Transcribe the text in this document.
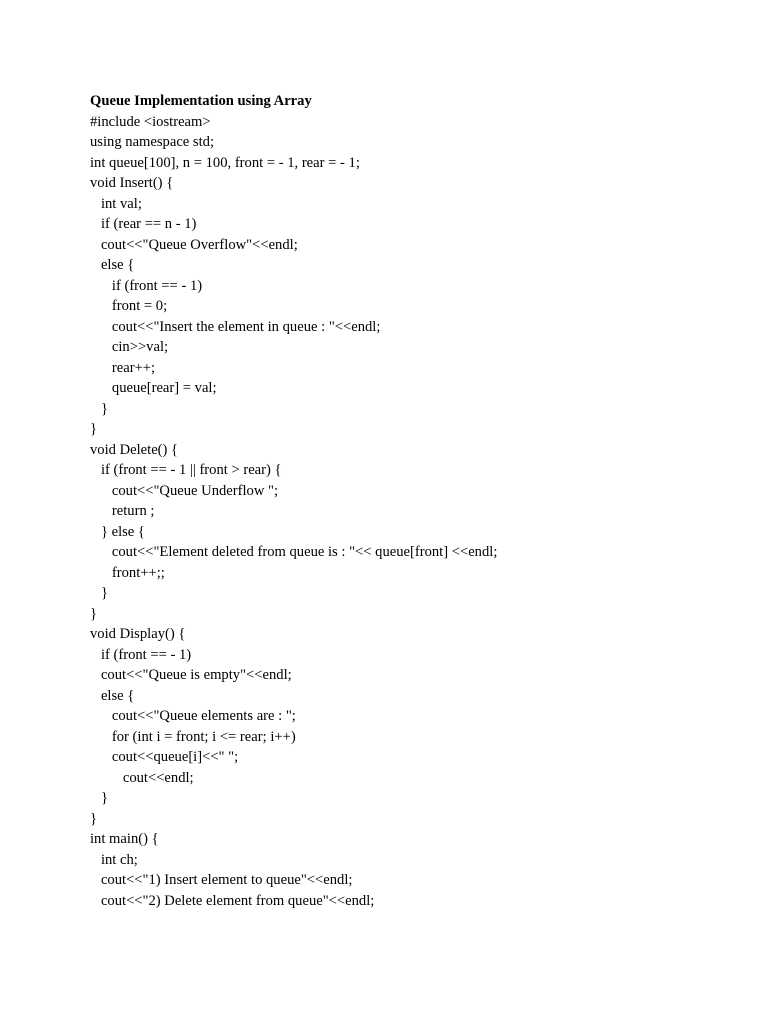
Queue Implementation using Array
#include <iostream>
using namespace std;
int queue[100], n = 100, front = - 1, rear = - 1;
void Insert() {
int val;
if (rear == n - 1)
cout<<"Queue Overflow"<<endl;
else {
if (front == - 1)
front = 0;
cout<<"Insert the element in queue : "<<endl;
cin>>val;
rear++;
queue[rear] = val;
}
}
void Delete() {
if (front == - 1 || front > rear) {
cout<<"Queue Underflow ";
return ;
} else {
cout<<"Element deleted from queue is : "<< queue[front] <<endl;
front++;;
}
}
void Display() {
if (front == - 1)
cout<<"Queue is empty"<<endl;
else {
cout<<"Queue elements are : ";
for (int i = front; i <= rear; i++)
cout<<queue[i]<<" ";
cout<<endl;
}
}
int main() {
int ch;
cout<<"1) Insert element to queue"<<endl;
cout<<"2) Delete element from queue"<<endl;
